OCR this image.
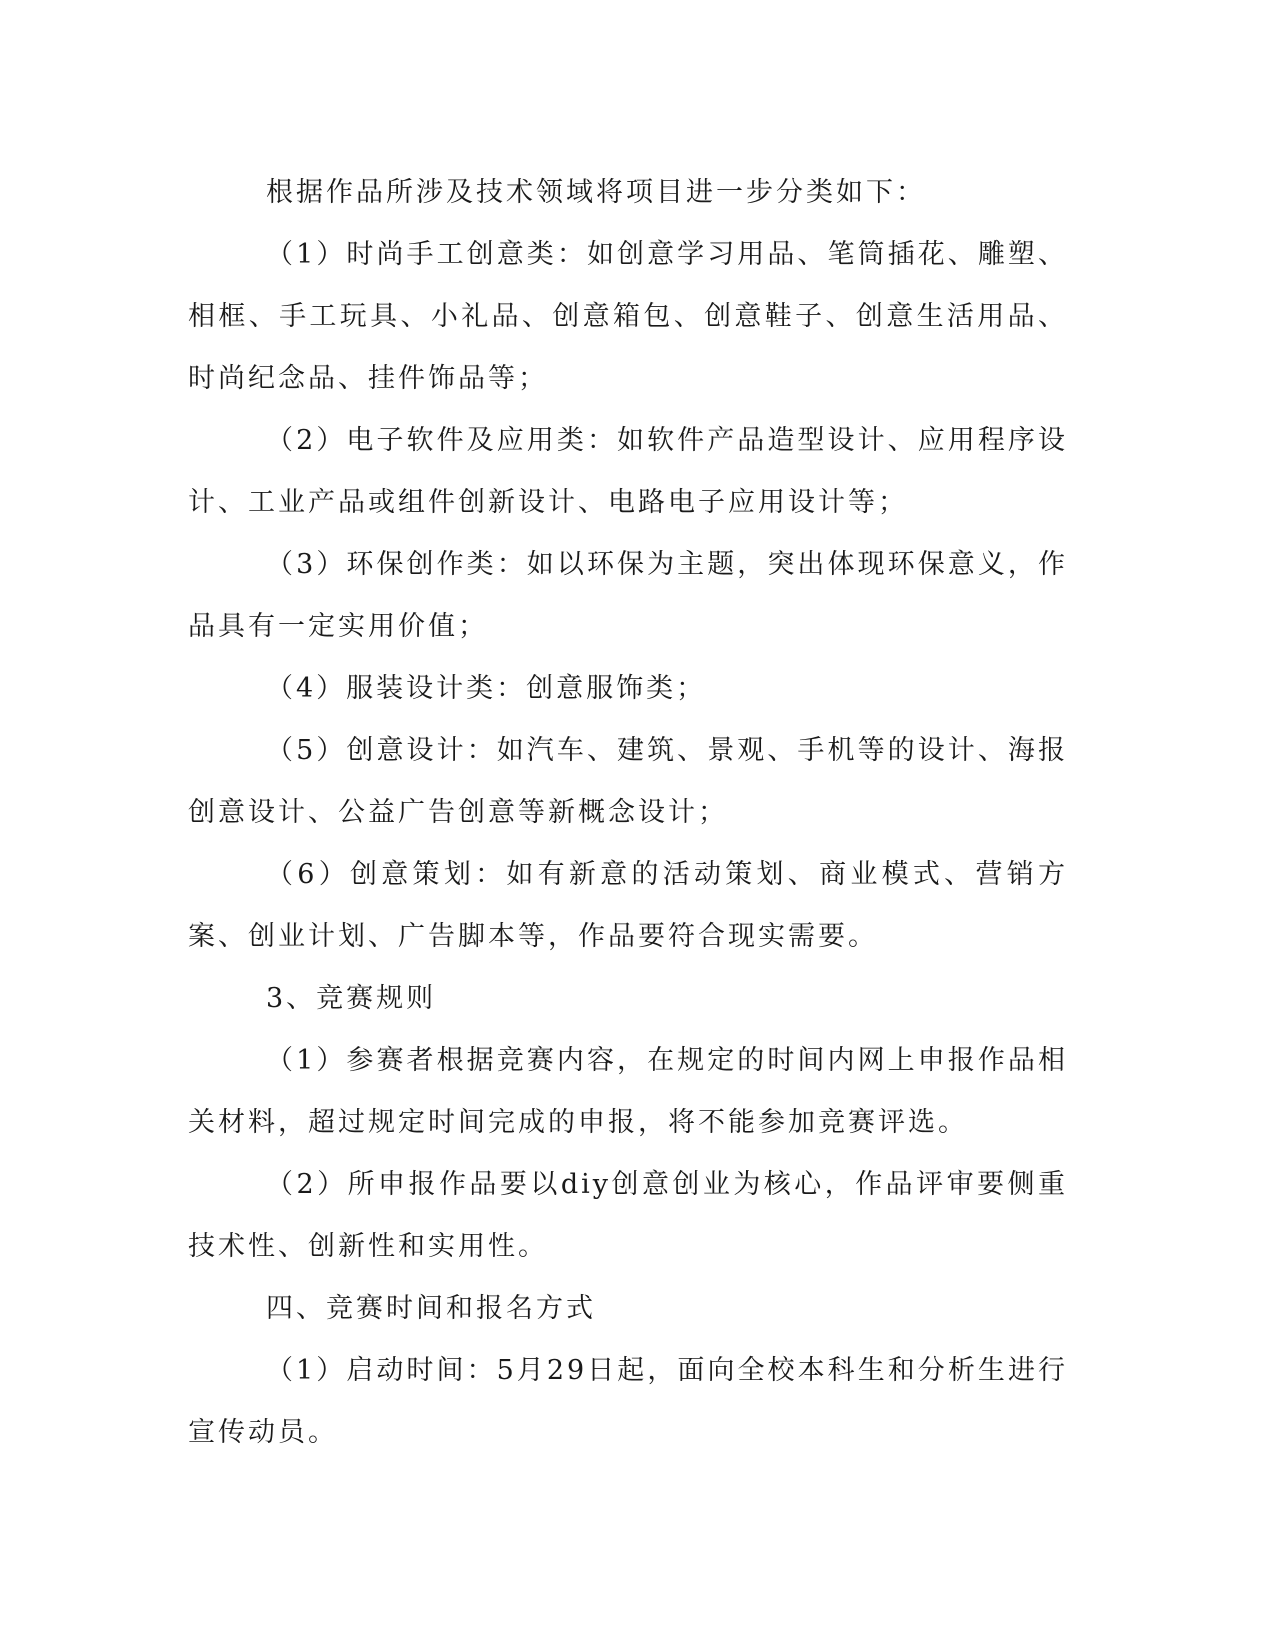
根据作品所涉及技术领域将项目进一步分类如下：

（1）时尚手工创意类：如创意学习用品、笔筒插花、雕塑、相框、手工玩具、小礼品、创意箱包、创意鞋子、创意生活用品、时尚纪念品、挂件饰品等；

（2）电子软件及应用类：如软件产品造型设计、应用程序设计、工业产品或组件创新设计、电路电子应用设计等；

（3）环保创作类：如以环保为主题，突出体现环保意义，作品具有一定实用价值；

（4）服装设计类：创意服饰类；

（5）创意设计：如汽车、建筑、景观、手机等的设计、海报创意设计、公益广告创意等新概念设计；

（6）创意策划：如有新意的活动策划、商业模式、营销方案、创业计划、广告脚本等，作品要符合现实需要。

3、竞赛规则

（1）参赛者根据竞赛内容，在规定的时间内网上申报作品相关材料，超过规定时间完成的申报，将不能参加竞赛评选。

（2）所申报作品要以diy创意创业为核心，作品评审要侧重技术性、创新性和实用性。

四、竞赛时间和报名方式

（1）启动时间：5月29日起，面向全校本科生和分析生进行宣传动员。
